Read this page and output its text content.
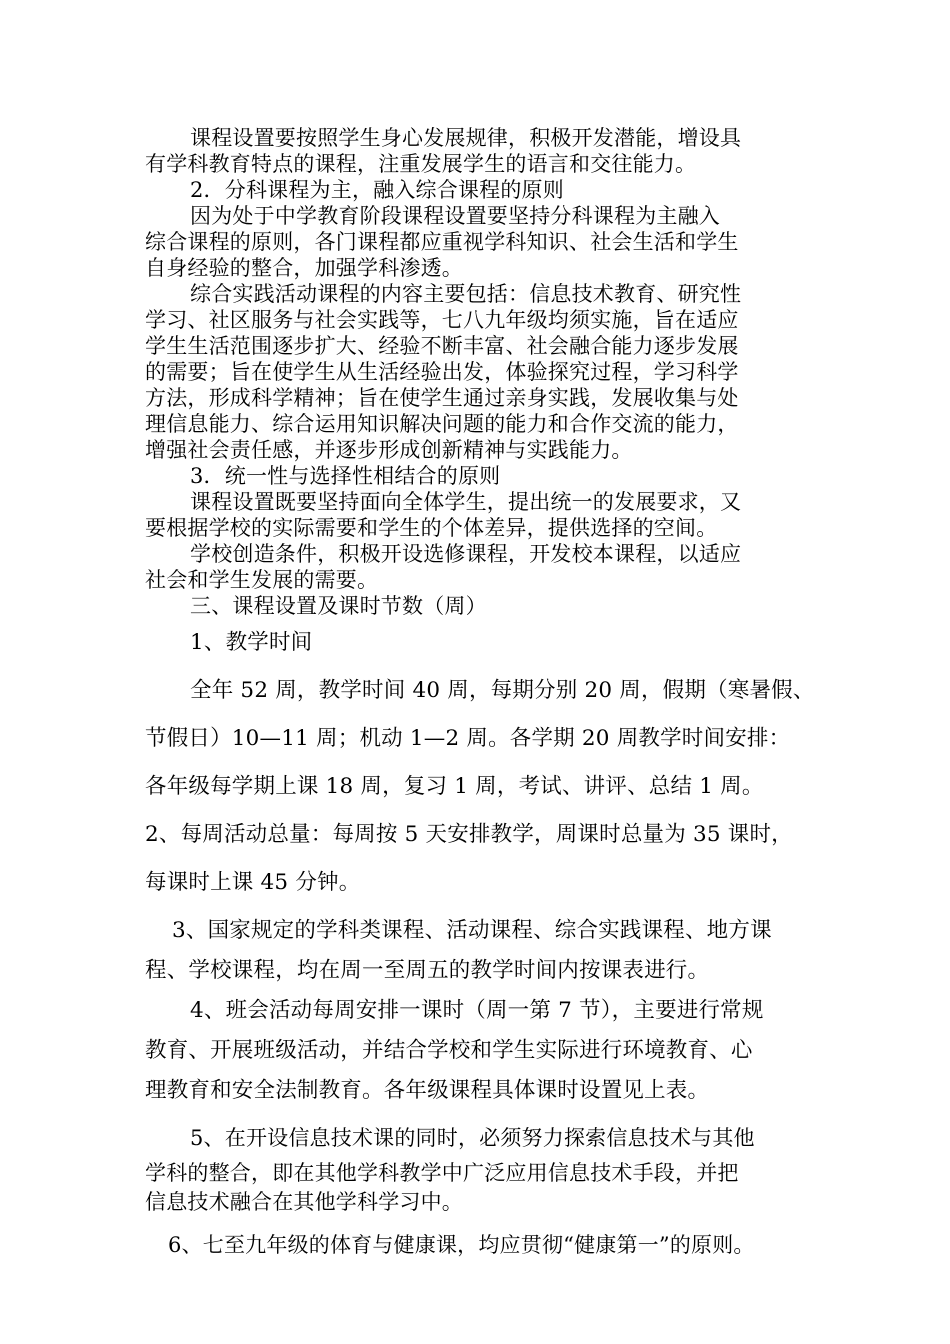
课程设置要按照学生身心发展规律，积极开发潜能，增设具

有学科教育特点的课程，注重发展学生的语言和交往能力。

2．分科课程为主，融入综合课程的原则

因为处于中学教育阶段课程设置要坚持分科课程为主融入

综合课程的原则，各门课程都应重视学科知识、社会生活和学生

自身经验的整合，加强学科渗透。

综合实践活动课程的内容主要包括：信息技术教育、研究性

学习、社区服务与社会实践等，七八九年级均须实施，旨在适应

学生生活范围逐步扩大、经验不断丰富、社会融合能力逐步发展

的需要；旨在使学生从生活经验出发，体验探究过程，学习科学

方法，形成科学精神；旨在使学生通过亲身实践，发展收集与处

理信息能力、综合运用知识解决问题的能力和合作交流的能力，

增强社会责任感，并逐步形成创新精神与实践能力。

3．统一性与选择性相结合的原则

课程设置既要坚持面向全体学生，提出统一的发展要求，又

要根据学校的实际需要和学生的个体差异，提供选择的空间。

学校创造条件，积极开设选修课程，开发校本课程，以适应

社会和学生发展的需要。

三、课程设置及课时节数（周）

1、教学时间

全年 52 周，教学时间 40 周，每期分别 20 周，假期（寒暑假、

节假日）10—11 周；机动 1—2 周。各学期 20 周教学时间安排：

各年级每学期上课 18 周，复习 1 周，考试、讲评、总结 1 周。

2、每周活动总量：每周按 5 天安排教学，周课时总量为 35 课时，

每课时上课 45 分钟。

3、国家规定的学科类课程、活动课程、综合实践课程、地方课

程、学校课程，均在周一至周五的教学时间内按课表进行。

4、班会活动每周安排一课时（周一第 7 节），主要进行常规

教育、开展班级活动，并结合学校和学生实际进行环境教育、心

理教育和安全法制教育。各年级课程具体课时设置见上表。

5、在开设信息技术课的同时，必须努力探索信息技术与其他

学科的整合，即在其他学科教学中广泛应用信息技术手段，并把

信息技术融合在其他学科学习中。

6、七至九年级的体育与健康课，均应贯彻“健康第一”的原则。
